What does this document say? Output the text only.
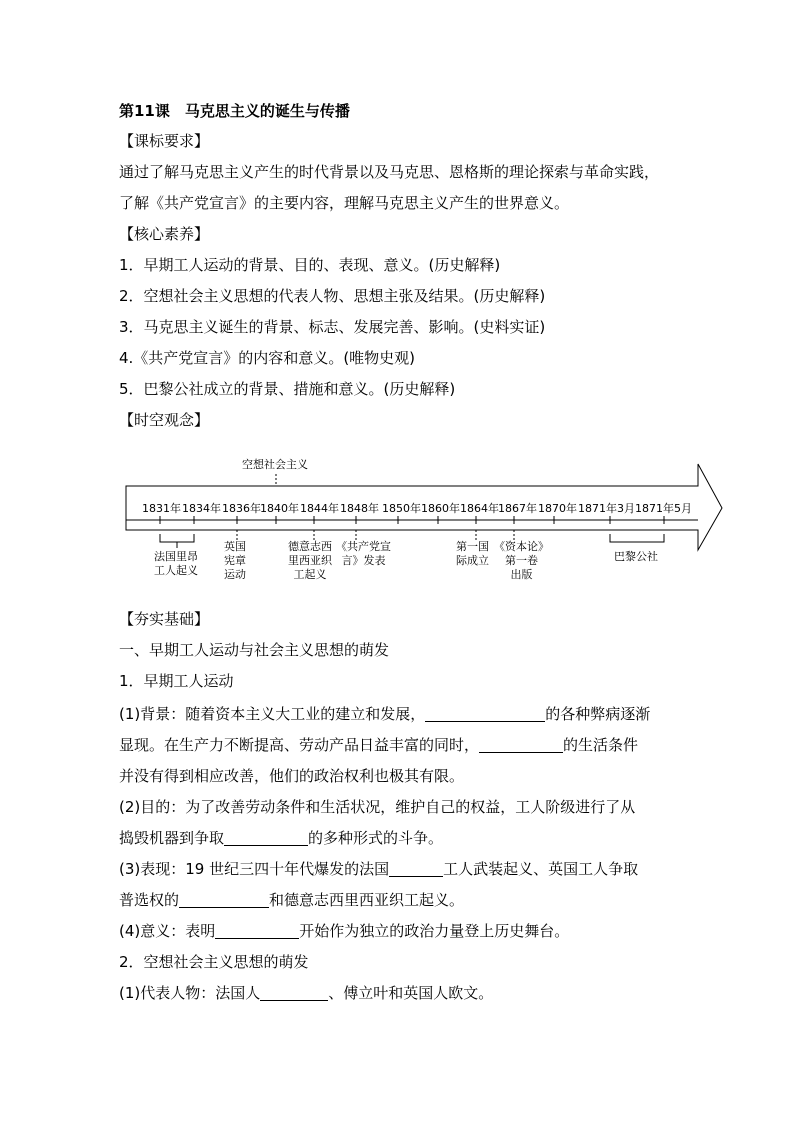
第11课　马克思主义的诞生与传播
【课标要求】
通过了解马克思主义产生的时代背景以及马克思、恩格斯的理论探索与革命实践，
了解《共产党宣言》的主要内容，理解马克思主义产生的世界意义。
【核心素养】
1．早期工人运动的背景、目的、表现、意义。(历史解释)
2．空想社会主义思想的代表人物、思想主张及结果。(历史解释)
3．马克思主义诞生的背景、标志、发展完善、影响。(史料实证)
4.《共产党宣言》的内容和意义。(唯物史观)
5．巴黎公社成立的背景、措施和意义。(历史解释)
【时空观念】
空想社会主义
1831年 1834年 1836年 1840年 1844年 1848年 1850年 1860年 1864年 1867年 1870年 1871年3月 1871年5月
法国里昂
工人起义
英国
宪章
运动
德意志西
里西亚织
工起义
《共产党宣
言》发表
第一国
际成立
《资本论》
第一卷
出版
巴黎公社
【夯实基础】
一、早期工人运动与社会主义思想的萌发
1．早期工人运动
(1)背景：随着资本主义大工业的建立和发展，	的各种弊病逐渐
显现。在生产力不断提高、劳动产品日益丰富的同时，	的生活条件
并没有得到相应改善，他们的政治权利也极其有限。
(2)目的：为了改善劳动条件和生活状况，维护自己的权益，工人阶级进行了从
捣毁机器到争取	的多种形式的斗争。
(3)表现：19 世纪三四十年代爆发的法国	工人武装起义、英国工人争取
普选权的	和德意志西里西亚织工起义。
(4)意义：表明	开始作为独立的政治力量登上历史舞台。
2．空想社会主义思想的萌发
(1)代表人物：法国人	、傅立叶和英国人欧文。
